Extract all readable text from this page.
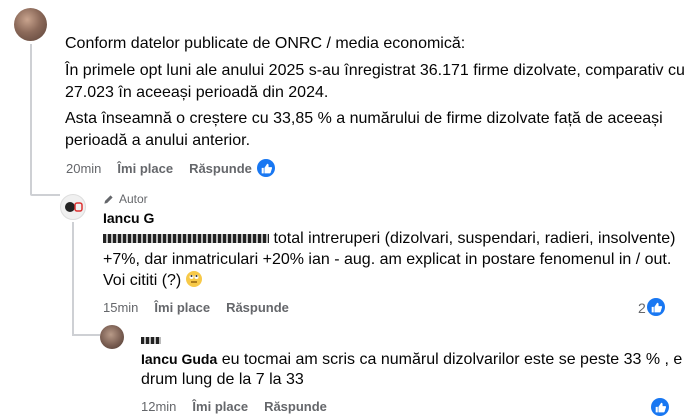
Conform datelor publicate de ONRC / media economică:
În primele opt luni ale anului 2025 s-au înregistrat 36.171 firme dizolvate, comparativ cu
27.023 în aceeași perioadă din 2024.
Asta înseamnă o creștere cu 33,85 % a numărului de firme dizolvate față de aceeași
perioadă a anului anterior.
20min Îmi place Răspunde
Autor
Iancu G
total intreruperi (dizolvari, suspendari, radieri, insolvente)
+7%, dar inmatriculari +20% ian - aug. am explicat in postare fenomenul in / out.
Voi cititi (?)
15min Îmi place Răspunde	2
Iancu Guda eu tocmai am scris ca numărul dizolvarilor este se peste 33 % , e
drum lung de la 7 la 33
12min Îmi place Răspunde
